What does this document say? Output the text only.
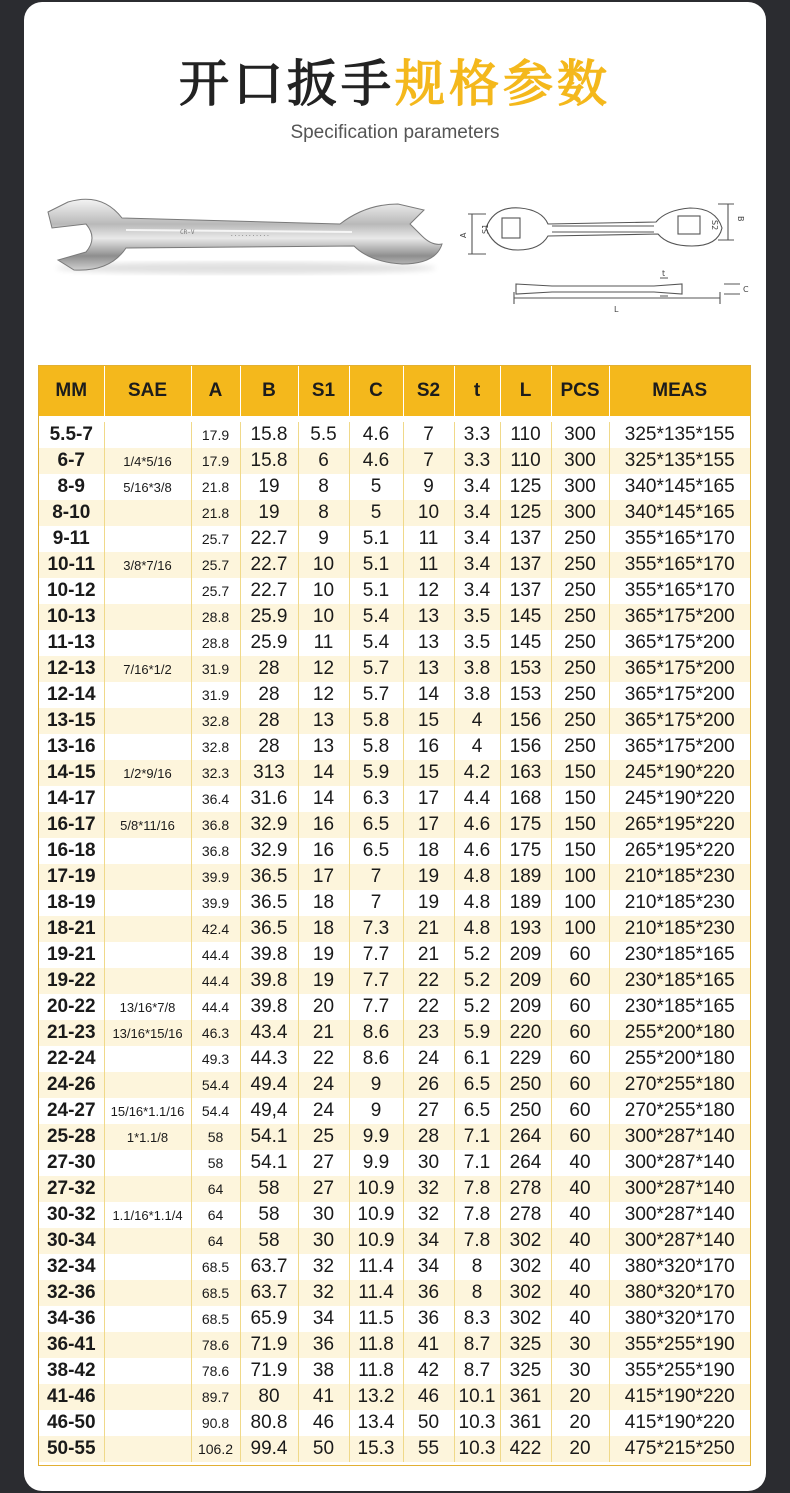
开口扳手规格参数
Specification parameters
CR-V	...........	A
S1	S2
B
t
C
L
MM	SAE	A	B	S1	C	S2	t	L	PCS	MEAS

5.5-7		17.9	15.8	5.5	4.6	7	3.3	110	300	325*135*155
6-7	1/4*5/16	17.9	15.8	6	4.6	7	3.3	110	300	325*135*155
8-9	5/16*3/8	21.8	19	8	5	9	3.4	125	300	340*145*165
8-10		21.8	19	8	5	10	3.4	125	300	340*145*165
9-11		25.7	22.7	9	5.1	11	3.4	137	250	355*165*170
10-11	3/8*7/16	25.7	22.7	10	5.1	11	3.4	137	250	355*165*170
10-12		25.7	22.7	10	5.1	12	3.4	137	250	355*165*170
10-13		28.8	25.9	10	5.4	13	3.5	145	250	365*175*200
11-13		28.8	25.9	11	5.4	13	3.5	145	250	365*175*200
12-13	7/16*1/2	31.9	28	12	5.7	13	3.8	153	250	365*175*200
12-14		31.9	28	12	5.7	14	3.8	153	250	365*175*200
13-15		32.8	28	13	5.8	15	4	156	250	365*175*200
13-16		32.8	28	13	5.8	16	4	156	250	365*175*200
14-15	1/2*9/16	32.3	313	14	5.9	15	4.2	163	150	245*190*220
14-17		36.4	31.6	14	6.3	17	4.4	168	150	245*190*220
16-17	5/8*11/16	36.8	32.9	16	6.5	17	4.6	175	150	265*195*220
16-18		36.8	32.9	16	6.5	18	4.6	175	150	265*195*220
17-19		39.9	36.5	17	7	19	4.8	189	100	210*185*230
18-19		39.9	36.5	18	7	19	4.8	189	100	210*185*230
18-21		42.4	36.5	18	7.3	21	4.8	193	100	210*185*230
19-21		44.4	39.8	19	7.7	21	5.2	209	60	230*185*165
19-22		44.4	39.8	19	7.7	22	5.2	209	60	230*185*165
20-22	13/16*7/8	44.4	39.8	20	7.7	22	5.2	209	60	230*185*165
21-23	13/16*15/16	46.3	43.4	21	8.6	23	5.9	220	60	255*200*180
22-24		49.3	44.3	22	8.6	24	6.1	229	60	255*200*180
24-26		54.4	49.4	24	9	26	6.5	250	60	270*255*180
24-27	15/16*1.1/16	54.4	49,4	24	9	27	6.5	250	60	270*255*180
25-28	1*1.1/8	58	54.1	25	9.9	28	7.1	264	60	300*287*140
27-30		58	54.1	27	9.9	30	7.1	264	40	300*287*140
27-32		64	58	27	10.9	32	7.8	278	40	300*287*140
30-32	1.1/16*1.1/4	64	58	30	10.9	32	7.8	278	40	300*287*140
30-34		64	58	30	10.9	34	7.8	302	40	300*287*140
32-34		68.5	63.7	32	11.4	34	8	302	40	380*320*170
32-36		68.5	63.7	32	11.4	36	8	302	40	380*320*170
34-36		68.5	65.9	34	11.5	36	8.3	302	40	380*320*170
36-41		78.6	71.9	36	11.8	41	8.7	325	30	355*255*190
38-42		78.6	71.9	38	11.8	42	8.7	325	30	355*255*190
41-46		89.7	80	41	13.2	46	10.1	361	20	415*190*220
46-50		90.8	80.8	46	13.4	50	10.3	361	20	415*190*220
50-55		106.2	99.4	50	15.3	55	10.3	422	20	475*215*250
